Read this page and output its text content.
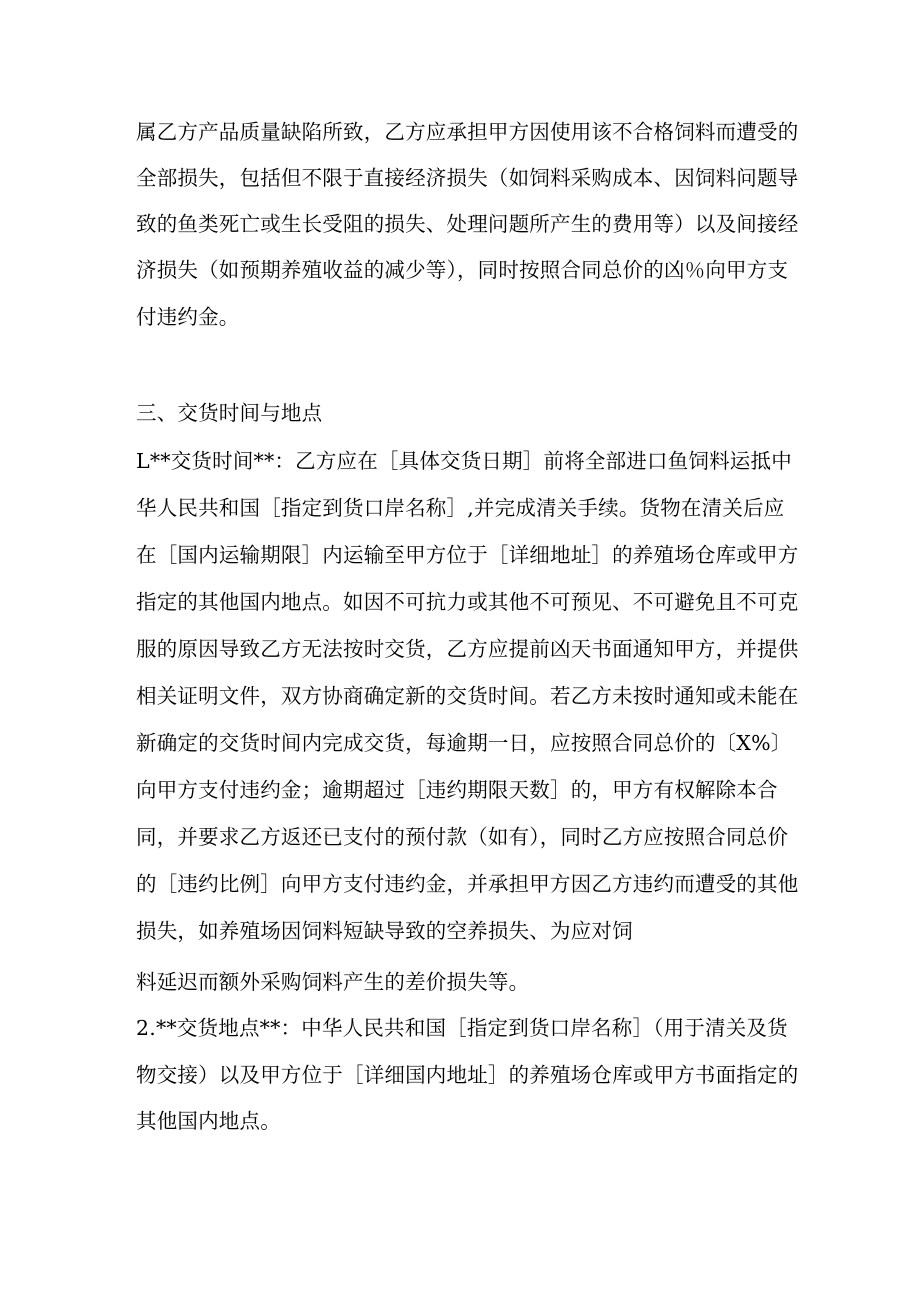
属乙方产品质量缺陷所致，乙方应承担甲方因使用该不合格饲料而遭受的
全部损失，包括但不限于直接经济损失（如饲料采购成本、因饲料问题导
致的鱼类死亡或生长受阻的损失、处理问题所产生的费用等）以及间接经
济损失（如预期养殖收益的减少等），同时按照合同总价的凶％向甲方支
付违约金。
三、交货时间与地点
L**交货时间**：乙方应在［具体交货日期］前将全部进口鱼饲料运抵中
华人民共和国［指定到货口岸名称］,并完成清关手续。货物在清关后应
在［国内运输期限］内运输至甲方位于［详细地址］的养殖场仓库或甲方
指定的其他国内地点。如因不可抗力或其他不可预见、不可避免且不可克
服的原因导致乙方无法按时交货，乙方应提前凶天书面通知甲方，并提供
相关证明文件，双方协商确定新的交货时间。若乙方未按时通知或未能在
新确定的交货时间内完成交货，每逾期一日，应按照合同总价的〔X%〕
向甲方支付违约金；逾期超过［违约期限天数］的，甲方有权解除本合
同，并要求乙方返还已支付的预付款（如有），同时乙方应按照合同总价
的［违约比例］向甲方支付违约金，并承担甲方因乙方违约而遭受的其他
损失，如养殖场因饲料短缺导致的空养损失、为应对饲
料延迟而额外采购饲料产生的差价损失等。
2.**交货地点**：中华人民共和国［指定到货口岸名称］（用于清关及货
物交接）以及甲方位于［详细国内地址］的养殖场仓库或甲方书面指定的
其他国内地点。
